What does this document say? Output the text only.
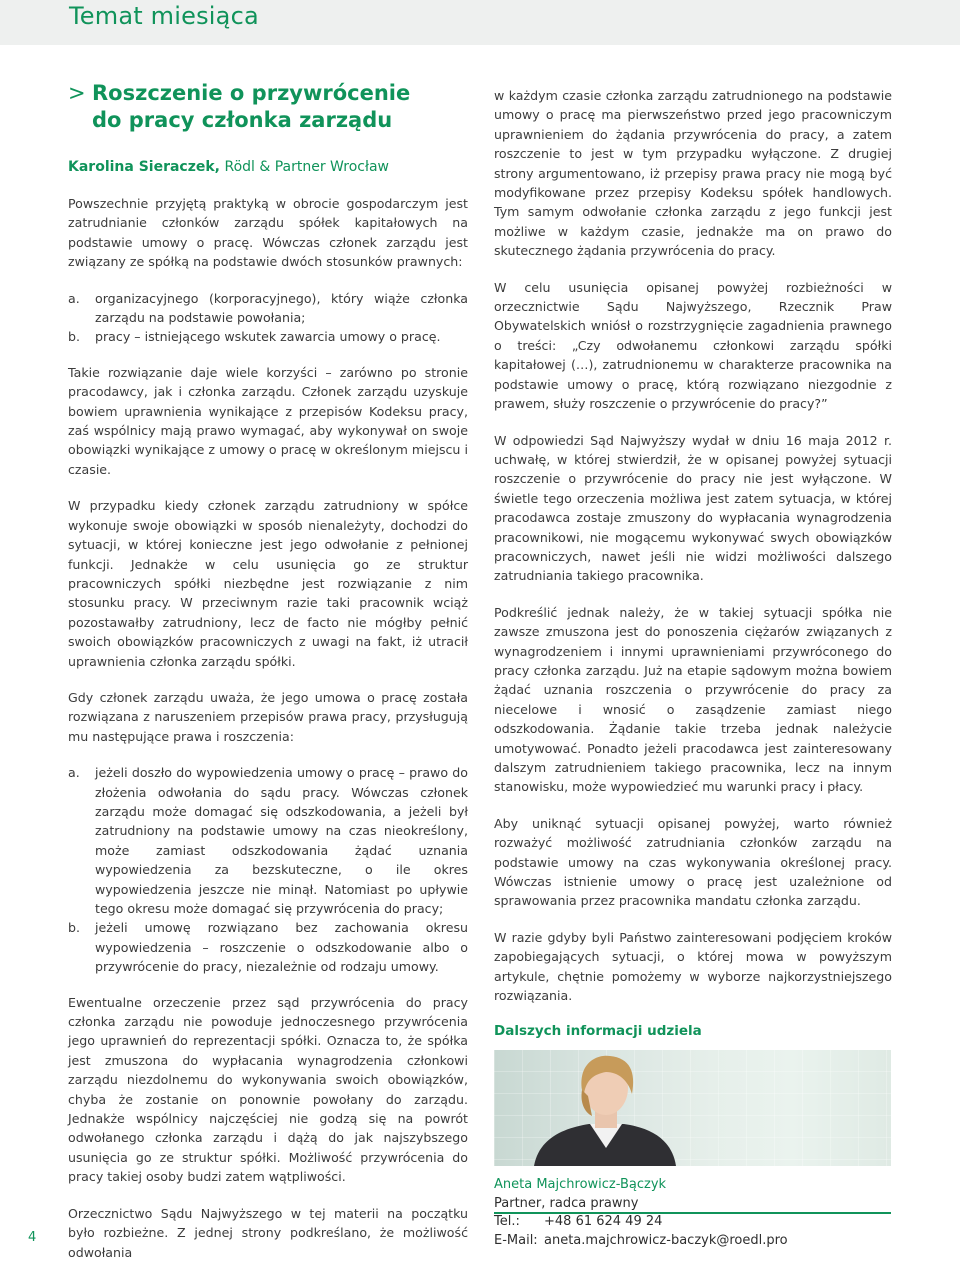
Temat miesiąca
> Roszczenie o przywrócenie
do pracy członka zarządu
Karolina Sieraczek, Rödl & Partner Wrocław

Powszechnie przyjętą praktyką w obrocie gospodarczym jest zatrudnianie członków zarządu spółek kapitałowych na podstawie umowy o pracę. Wówczas członek zarządu jest związany ze spółką na podstawie dwóch stosunków prawnych:

a.	organizacyjnego (korporacyjnego), który wiąże członka zarządu na podstawie powołania;
b.	pracy – istniejącego wskutek zawarcia umowy o pracę.

Takie rozwiązanie daje wiele korzyści – zarówno po stronie pracodawcy, jak i członka zarządu. Członek zarządu uzyskuje bowiem uprawnienia wynikające z przepisów Kodeksu pracy, zaś wspólnicy mają prawo wymagać, aby wykonywał on swoje obowiązki wynikające z umowy o pracę w określonym miejscu i czasie.

W przypadku kiedy członek zarządu zatrudniony w spółce wykonuje swoje obowiązki w sposób nienależyty, dochodzi do sytuacji, w której konieczne jest jego odwołanie z pełnionej funkcji. Jednakże w celu usunięcia go ze struktur pracowniczych spółki niezbędne jest rozwiązanie z nim stosunku pracy. W przeciwnym razie taki pracownik wciąż pozostawałby zatrudniony, lecz de facto nie mógłby pełnić swoich obowiązków pracowniczych z uwagi na fakt, iż utracił uprawnienia członka zarządu spółki.

Gdy członek zarządu uważa, że jego umowa o pracę została rozwiązana z naruszeniem przepisów prawa pracy, przysługują mu następujące prawa i roszczenia:

a.	jeżeli doszło do wypowiedzenia umowy o pracę – prawo do złożenia odwołania do sądu pracy. Wówczas członek zarządu może domagać się odszkodowania, a jeżeli był zatrudniony na podstawie umowy na czas nieokreślony, może zamiast odszkodowania żądać uznania wypowiedzenia za bezskuteczne, o ile okres wypowiedzenia jeszcze nie minął. Natomiast po upływie tego okresu może domagać się przywrócenia do pracy;
b.	jeżeli umowę rozwiązano bez zachowania okresu wypowiedzenia – roszczenie o odszkodowanie albo o przywrócenie do pracy, niezależnie od rodzaju umowy.

Ewentualne orzeczenie przez sąd przywrócenia do pracy członka zarządu nie powoduje jednoczesnego przywrócenia jego uprawnień do reprezentacji spółki. Oznacza to, że spółka jest zmuszona do wypłacania wynagrodzenia członkowi zarządu niezdolnemu do wykonywania swoich obowiązków, chyba że zostanie on ponownie powołany do zarządu. Jednakże wspólnicy najczęściej nie godzą się na powrót odwołanego członka zarządu i dążą do jak najszybszego usunięcia go ze struktur spółki. Możliwość przywrócenia do pracy takiej osoby budzi zatem wątpliwości.

Orzecznictwo Sądu Najwyższego w tej materii na początku było rozbieżne. Z jednej strony podkreślano, że możliwość odwołania

w każdym czasie członka zarządu zatrudnionego na podstawie umowy o pracę ma pierwszeństwo przed jego pracowniczym uprawnieniem do żądania przywrócenia do pracy, a zatem roszczenie to jest w tym przypadku wyłączone. Z drugiej strony argumentowano, iż przepisy prawa pracy nie mogą być modyfikowane przez przepisy Kodeksu spółek handlowych. Tym samym odwołanie członka zarządu z jego funkcji jest możliwe w każdym czasie, jednakże ma on prawo do skutecznego żądania przywrócenia do pracy.

W celu usunięcia opisanej powyżej rozbieżności w orzecznictwie Sądu Najwyższego, Rzecznik Praw Obywatelskich wniósł o rozstrzygnięcie zagadnienia prawnego o treści: „Czy odwołanemu członkowi zarządu spółki kapitałowej (…), zatrudnionemu w charakterze pracownika na podstawie umowy o pracę, którą rozwiązano niezgodnie z prawem, służy roszczenie o przywrócenie do pracy?”

W odpowiedzi Sąd Najwyższy wydał w dniu 16 maja 2012 r. uchwałę, w której stwierdził, że w opisanej powyżej sytuacji roszczenie o przywrócenie do pracy nie jest wyłączone. W świetle tego orzeczenia możliwa jest zatem sytuacja, w której pracodawca zostaje zmuszony do wypłacania wynagrodzenia pracownikowi, nie mogącemu wykonywać swych obowiązków pracowniczych, nawet jeśli nie widzi możliwości dalszego zatrudniania takiego pracownika.

Podkreślić jednak należy, że w takiej sytuacji spółka nie zawsze zmuszona jest do ponoszenia ciężarów związanych z wynagrodzeniem i innymi uprawnieniami przywróconego do pracy członka zarządu. Już na etapie sądowym można bowiem żądać uznania roszczenia o przywrócenie do pracy za niecelowe i wnosić o zasądzenie zamiast niego odszkodowania. Żądanie takie trzeba jednak należycie umotywować. Ponadto jeżeli pracodawca jest zainteresowany dalszym zatrudnieniem takiego pracownika, lecz na innym stanowisku, może wypowiedzieć mu warunki pracy i płacy.

Aby uniknąć sytuacji opisanej powyżej, warto również rozważyć możliwość zatrudniania członków zarządu na podstawie umowy na czas wykonywania określonej pracy. Wówczas istnienie umowy o pracę jest uzależnione od sprawowania przez pracownika mandatu członka zarządu.

W razie gdyby byli Państwo zainteresowani podjęciem kroków zapobiegających sytuacji, o której mowa w powyższym artykule, chętnie pomożemy w wyborze najkorzystniejszego rozwiązania.

Dalszych informacji udziela
Aneta Majchrowicz-Bączyk
Partner, radca prawny
Tel.:	+48 61 624 49 24
E-Mail: aneta.majchrowicz-baczyk@roedl.pro
4
